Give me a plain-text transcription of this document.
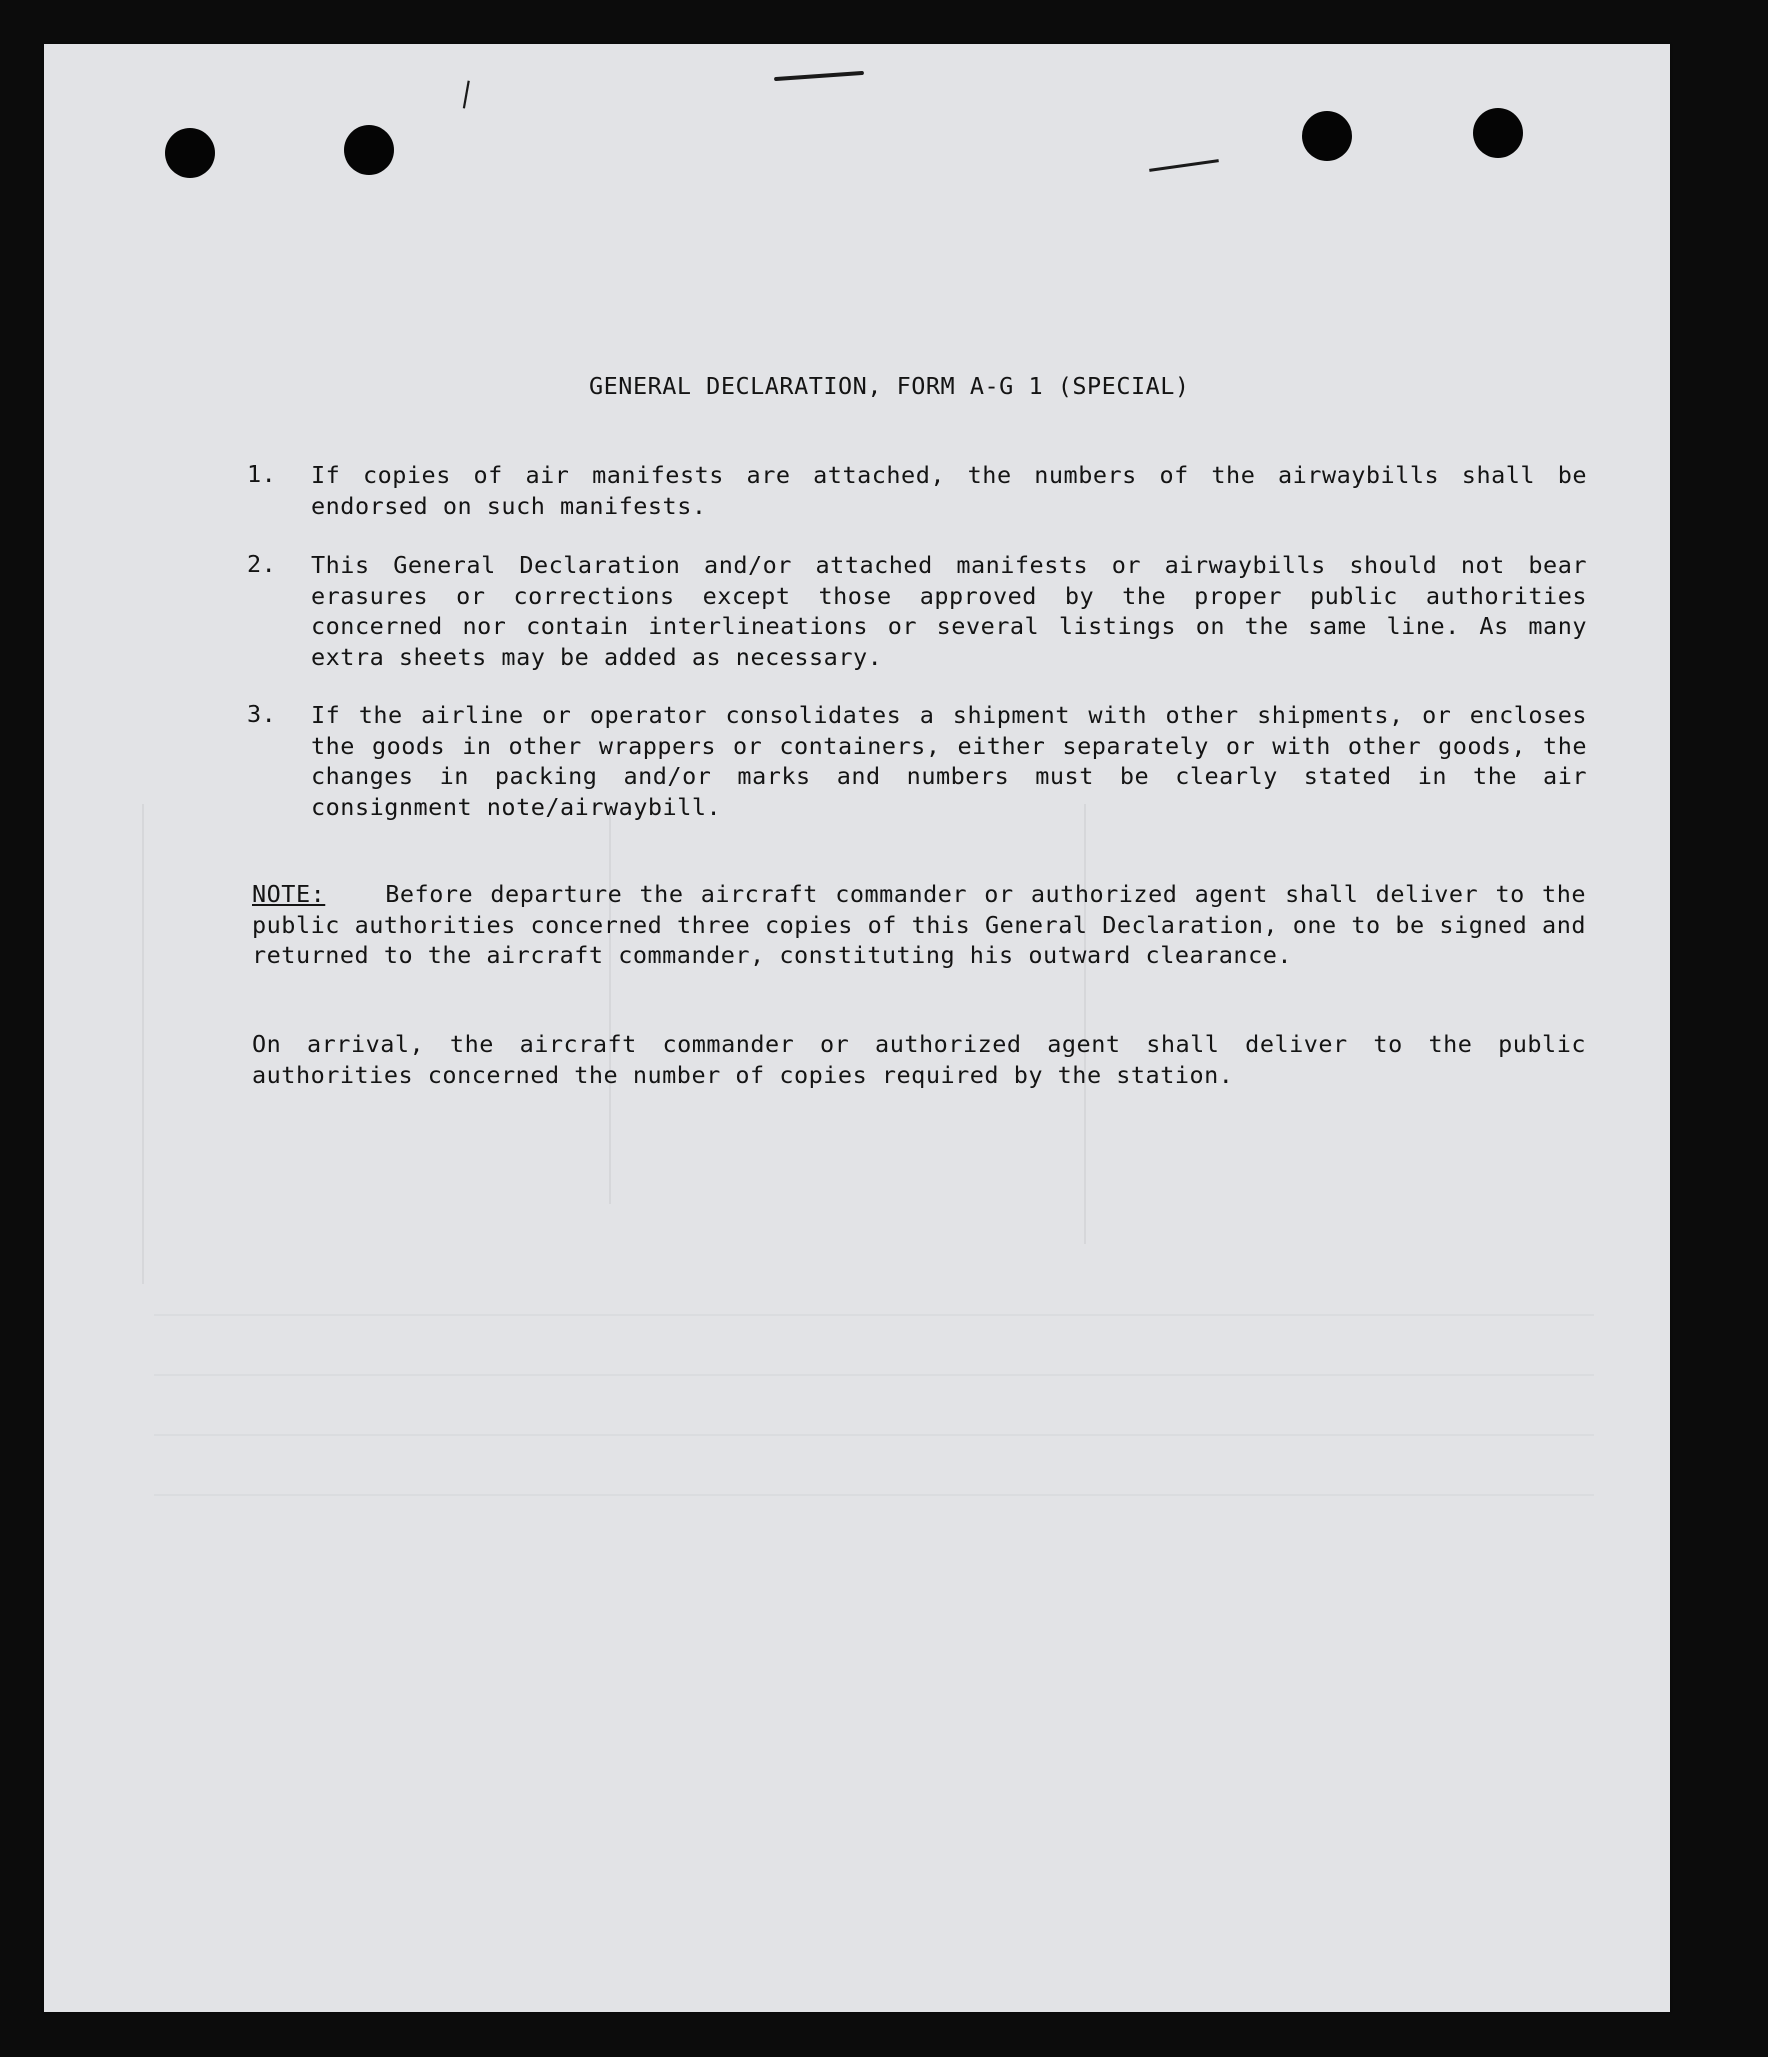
|
GENERAL DECLARATION, FORM A-G 1 (SPECIAL)
1.	If copies of air manifests are attached, the numbers of the airwaybills shall be endorsed on such manifests.
2.	This General Declaration and/or attached manifests or airwaybills should not bear erasures or corrections except those approved by the proper public authorities concerned nor contain interlineations or several listings on the same line. As many extra sheets may be added as necessary.
3.	If the airline or operator consolidates a shipment with other shipments, or encloses the goods in other wrappers or containers, either separately or with other goods, the changes in packing and/or marks and numbers must be clearly stated in the air consignment note/airwaybill.
NOTE:	Before departure the aircraft commander or authorized agent shall deliver to the public authorities concerned three copies of this General Declaration, one to be signed and returned to the aircraft commander, constituting his outward clearance.
On arrival, the aircraft commander or authorized agent shall deliver to the public authorities concerned the number of copies required by the station.
